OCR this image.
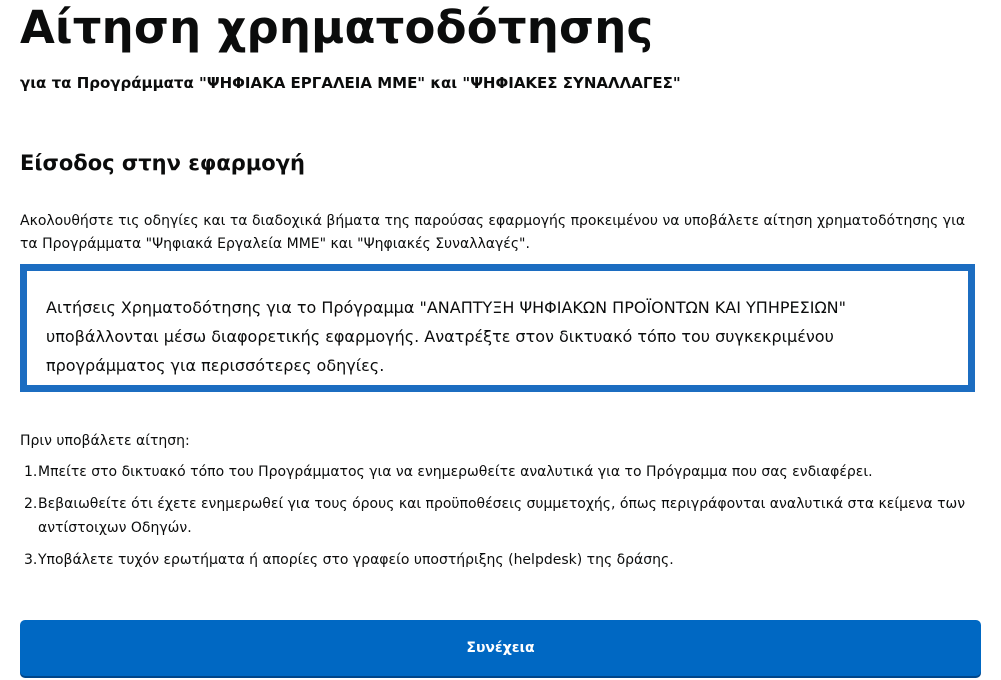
Αίτηση χρηματοδότησης

για τα Προγράμματα "ΨΗΦΙΑΚΑ ΕΡΓΑΛΕΙΑ ΜΜΕ" και "ΨΗΦΙΑΚΕΣ ΣΥΝΑΛΛΑΓΕΣ"

Είσοδος στην εφαρμογή

Ακολουθήστε τις οδηγίες και τα διαδοχικά βήματα της παρούσας εφαρμογής προκειμένου να υποβάλετε αίτηση χρηματοδότησης για τα Προγράμματα "Ψηφιακά Εργαλεία ΜΜΕ" και "Ψηφιακές Συναλλαγές".

Αιτήσεις Χρηματοδότησης για το Πρόγραμμα "ΑΝΑΠΤΥΞΗ ΨΗΦΙΑΚΩΝ ΠΡΟΪΟΝΤΩΝ ΚΑΙ ΥΠΗΡΕΣΙΩΝ" υποβάλλονται μέσω διαφορετικής εφαρμογής. Ανατρέξτε στον δικτυακό τόπο του συγκεκριμένου προγράμματος για περισσότερες οδηγίες.

Πριν υποβάλετε αίτηση:

1. Μπείτε στο δικτυακό τόπο του Προγράμματος για να ενημερωθείτε αναλυτικά για το Πρόγραμμα που σας ενδιαφέρει.
2. Βεβαιωθείτε ότι έχετε ενημερωθεί για τους όρους και προϋποθέσεις συμμετοχής, όπως περιγράφονται αναλυτικά στα κείμενα των αντίστοιχων Οδηγών.
3. Υποβάλετε τυχόν ερωτήματα ή απορίες στο γραφείο υποστήριξης (helpdesk) της δράσης.
Συνέχεια
